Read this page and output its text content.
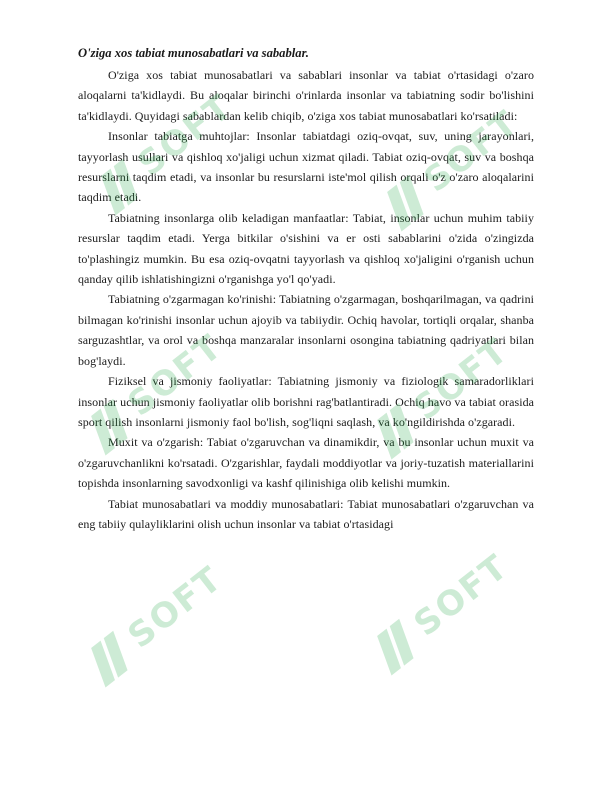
O'ziga xos tabiat munosabatlari va sabablar.

O'ziga xos tabiat munosabatlari va sabablari insonlar va tabiat o'rtasidagi o'zaro aloqalarni ta'kidlaydi. Bu aloqalar birinchi o'rinlarda insonlar va tabiatning sodir bo'lishini ta'kidlaydi. Quyidagi sabablardan kelib chiqib, o'ziga xos tabiat munosabatlari ko'rsatiladi:

Insonlar tabiatga muhtojlar: Insonlar tabiatdagi oziq-ovqat, suv, uning jarayonlari, tayyorlash usullari va qishloq xo'jaligi uchun xizmat qiladi. Tabiat oziq-ovqat, suv va boshqa resurslarni taqdim etadi, va insonlar bu resurslarni iste'mol qilish orqali o'z o'zaro aloqalarini taqdim etadi.

Tabiatning insonlarga olib keladigan manfaatlar: Tabiat, insonlar uchun muhim tabiiy resurslar taqdim etadi. Yerga bitkilar o'sishini va er osti sabablarini o'zida o'zingizda to'plashingiz mumkin. Bu esa oziq-ovqatni tayyorlash va qishloq xo'jaligini o'rganish uchun qanday qilib ishlatishingizni o'rganishga yo'l qo'yadi.

Tabiatning o'zgarmagan ko'rinishi: Tabiatning o'zgarmagan, boshqarilmagan, va qadrini bilmagan ko'rinishi insonlar uchun ajoyib va tabiiydir. Ochiq havolar, tortiqli orqalar, shanba sarguzashtlar, va orol va boshqa manzaralar insonlarni osongina tabiatning qadriyatlari bilan bog'laydi.

Fiziksel va jismoniy faoliyatlar: Tabiatning jismoniy va fiziologik samaradorliklari insonlar uchun jismoniy faoliyatlar olib borishni rag'batlantiradi. Ochiq havo va tabiat orasida sport qilish insonlarni jismoniy faol bo'lish, sog'liqni saqlash, va ko'ngildirishda o'zgaradi.

Muxit va o'zgarish: Tabiat o'zgaruvchan va dinamikdir, va bu insonlar uchun muxit va o'zgaruvchanlikni ko'rsatadi. O'zgarishlar, faydali moddiyotlar va joriy-tuzatish materiallarini topishda insonlarning savodxonligi va kashf qilinishiga olib kelishi mumkin.

Tabiat munosabatlari va moddiy munosabatlari: Tabiat munosabatlari o'zgaruvchan va eng tabiiy qulayliklarini olish uchun insonlar va tabiat o'rtasidagi

SOFT	SOFT
SOFT	SOFT
SOFT	SOFT
